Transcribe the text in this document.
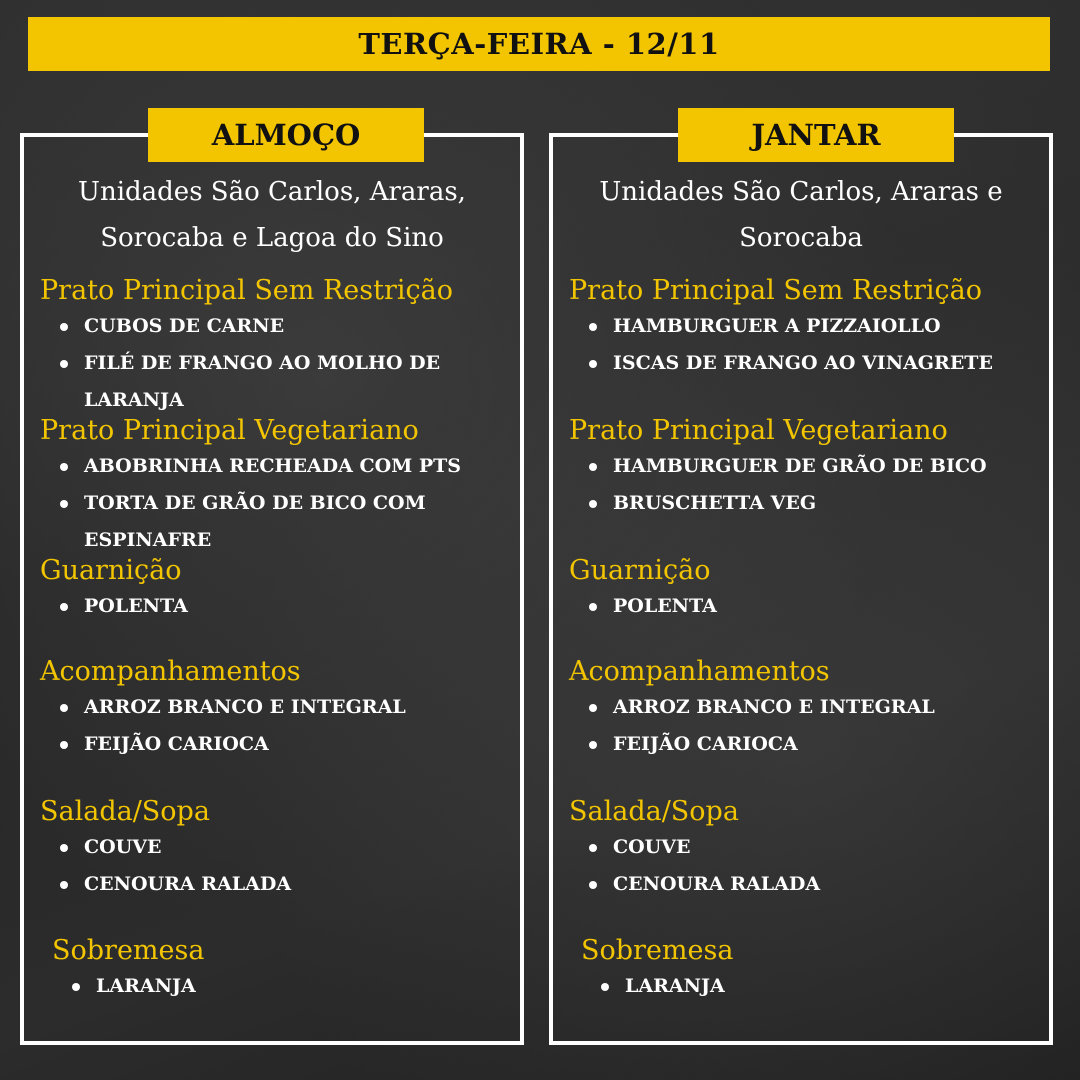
TERÇA-FEIRA - 12/11
ALMOÇO
Unidades São Carlos, Araras,
Sorocaba e Lagoa do Sino
Prato Principal Sem Restrição
CUBOS DE CARNE
FILÉ DE FRANGO AO MOLHO DE LARANJA
Prato Principal Vegetariano
ABOBRINHA RECHEADA COM PTS
TORTA DE GRÃO DE BICO COM ESPINAFRE
Guarnição
POLENTA
Acompanhamentos
ARROZ BRANCO E INTEGRAL
FEIJÃO CARIOCA
Salada/Sopa
COUVE
CENOURA RALADA
Sobremesa
LARANJA
JANTAR
Unidades São Carlos, Araras e
Sorocaba
Prato Principal Sem Restrição
HAMBURGUER A PIZZAIOLLO
ISCAS DE FRANGO AO VINAGRETE
Prato Principal Vegetariano
HAMBURGUER DE GRÃO DE BICO
BRUSCHETTA VEG
Guarnição
POLENTA
Acompanhamentos
ARROZ BRANCO E INTEGRAL
FEIJÃO CARIOCA
Salada/Sopa
COUVE
CENOURA RALADA
Sobremesa
LARANJA
